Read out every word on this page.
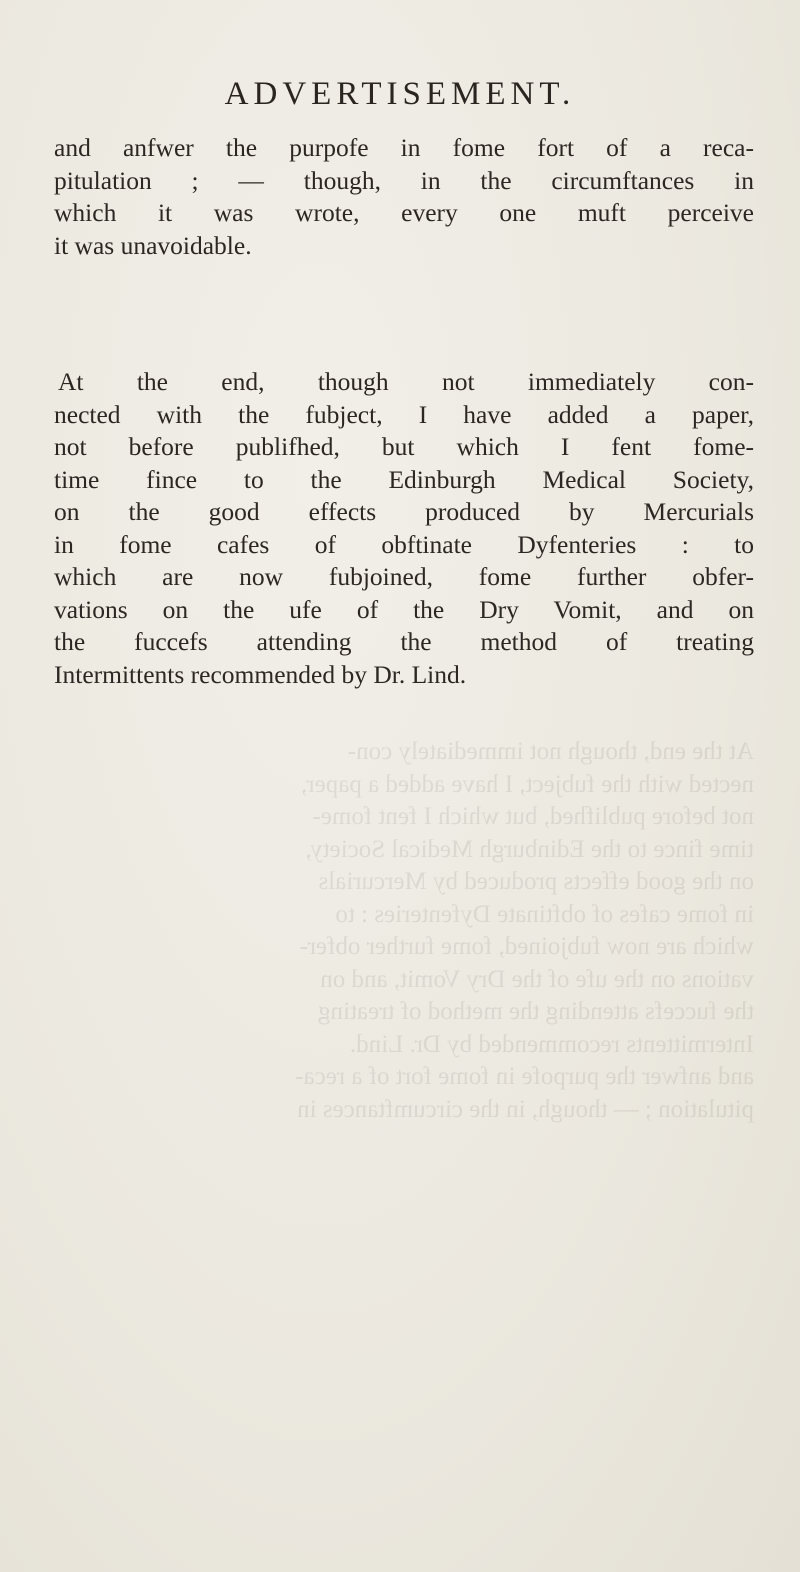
ADVERTISEMENT.
and anfwer the purpofe in fome fort of a reca-
pitulation ; — though, in the circumftances in
which it was wrote, every one muft perceive
it was unavoidable.
At the end, though not immediately con-
nected with the fubject, I have added a paper,
not before publifhed, but which I fent fome-
time fince to the Edinburgh Medical Society,
on the good effects produced by Mercurials
in fome cafes of obftinate Dyfenteries : to
which are now fubjoined, fome further obfer-
vations on the ufe of the Dry Vomit, and on
the fuccefs attending the method of treating
Intermittents recommended by Dr. Lind.
At the end, though not immediately con-
nected with the fubject, I have added a paper,
not before publifhed, but which I fent fome-
time fince to the Edinburgh Medical Society,
on the good effects produced by Mercurials
in fome cafes of obftinate Dyfenteries : to
which are now fubjoined, fome further obfer-
vations on the ufe of the Dry Vomit, and on
the fuccefs attending the method of treating
Intermittents recommended by Dr. Lind.
and anfwer the purpofe in fome fort of a reca-
pitulation ; — though, in the circumftances in
